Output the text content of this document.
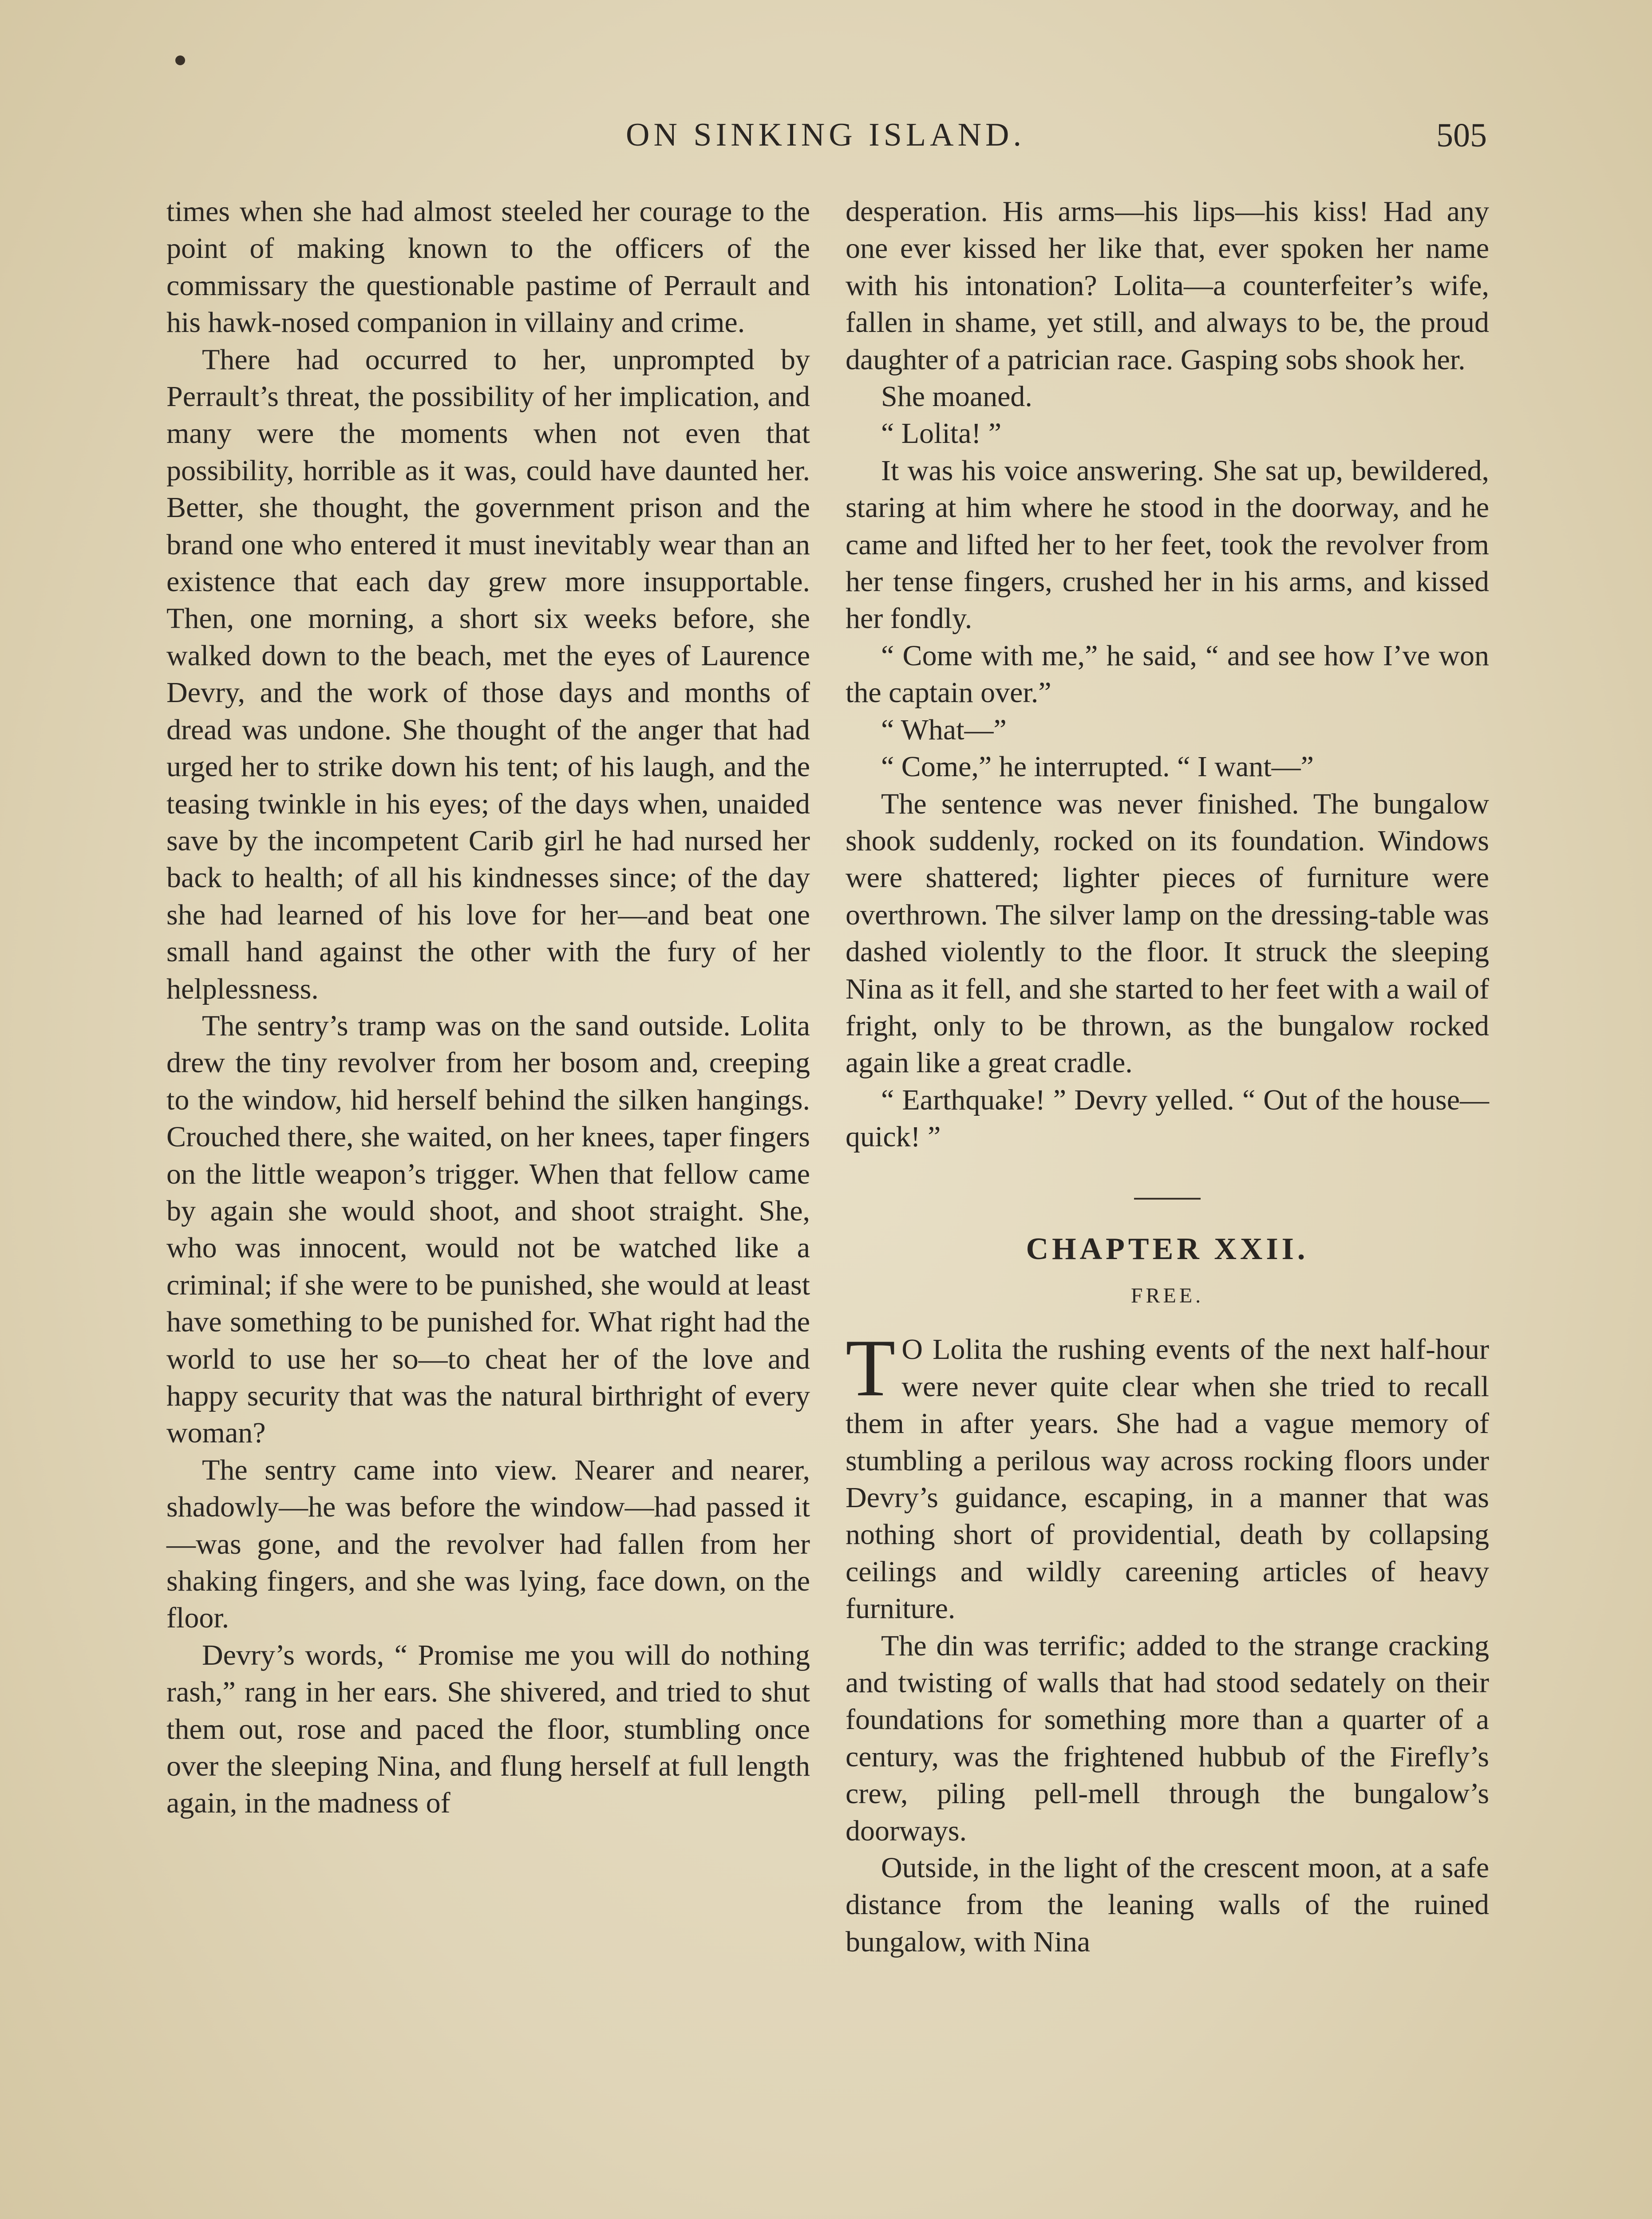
ON SINKING ISLAND.	505

times when she had almost steeled her courage to the point of making known to the officers of the commissary the questionable pastime of Perrault and his hawk-nosed companion in villainy and crime.

There had occurred to her, unprompted by Perrault’s threat, the possibility of her implication, and many were the moments when not even that possibility, horrible as it was, could have daunted her. Better, she thought, the government prison and the brand one who entered it must inevitably wear than an existence that each day grew more insupportable. Then, one morning, a short six weeks before, she walked down to the beach, met the eyes of Laurence Devry, and the work of those days and months of dread was undone. She thought of the anger that had urged her to strike down his tent; of his laugh, and the teasing twinkle in his eyes; of the days when, unaided save by the incompetent Carib girl he had nursed her back to health; of all his kindnesses since; of the day she had learned of his love for her—and beat one small hand against the other with the fury of her helplessness.

The sentry’s tramp was on the sand outside. Lolita drew the tiny revolver from her bosom and, creeping to the window, hid herself behind the silken hangings. Crouched there, she waited, on her knees, taper fingers on the little weapon’s trigger. When that fellow came by again she would shoot, and shoot straight. She, who was innocent, would not be watched like a criminal; if she were to be punished, she would at least have something to be punished for. What right had the world to use her so—to cheat her of the love and happy security that was the natural birthright of every woman?

The sentry came into view. Nearer and nearer, shadowly—he was before the window—had passed it—was gone, and the revolver had fallen from her shaking fingers, and she was lying, face down, on the floor.

Devry’s words, “ Promise me you will do nothing rash,” rang in her ears. She shivered, and tried to shut them out, rose and paced the floor, stumbling once over the sleeping Nina, and flung herself at full length again, in the madness of

desperation. His arms—his lips—his kiss! Had any one ever kissed her like that, ever spoken her name with his intonation? Lolita—a counterfeiter’s wife, fallen in shame, yet still, and always to be, the proud daughter of a patrician race. Gasping sobs shook her.

She moaned.

“ Lolita! ”

It was his voice answering. She sat up, bewildered, staring at him where he stood in the doorway, and he came and lifted her to her feet, took the revolver from her tense fingers, crushed her in his arms, and kissed her fondly.

“ Come with me,” he said, “ and see how I’ve won the captain over.”

“ What—”

“ Come,” he interrupted. “ I want—”

The sentence was never finished. The bungalow shook suddenly, rocked on its foundation. Windows were shattered; lighter pieces of furniture were overthrown. The silver lamp on the dressing-table was dashed violently to the floor. It struck the sleeping Nina as it fell, and she started to her feet with a wail of fright, only to be thrown, as the bungalow rocked again like a great cradle.

“ Earthquake! ” Devry yelled. “ Out of the house—quick! ”

CHAPTER XXII.
FREE.

T O Lolita the rushing events of the next half-hour were never quite clear when she tried to recall them in after years. She had a vague memory of stumbling a perilous way across rocking floors under Devry’s guidance, escaping, in a manner that was nothing short of providential, death by collapsing ceilings and wildly careening articles of heavy furniture.

The din was terrific; added to the strange cracking and twisting of walls that had stood sedately on their foundations for something more than a quarter of a century, was the frightened hubbub of the Firefly’s crew, piling pell-mell through the bungalow’s doorways.

Outside, in the light of the crescent moon, at a safe distance from the leaning walls of the ruined bungalow, with Nina
